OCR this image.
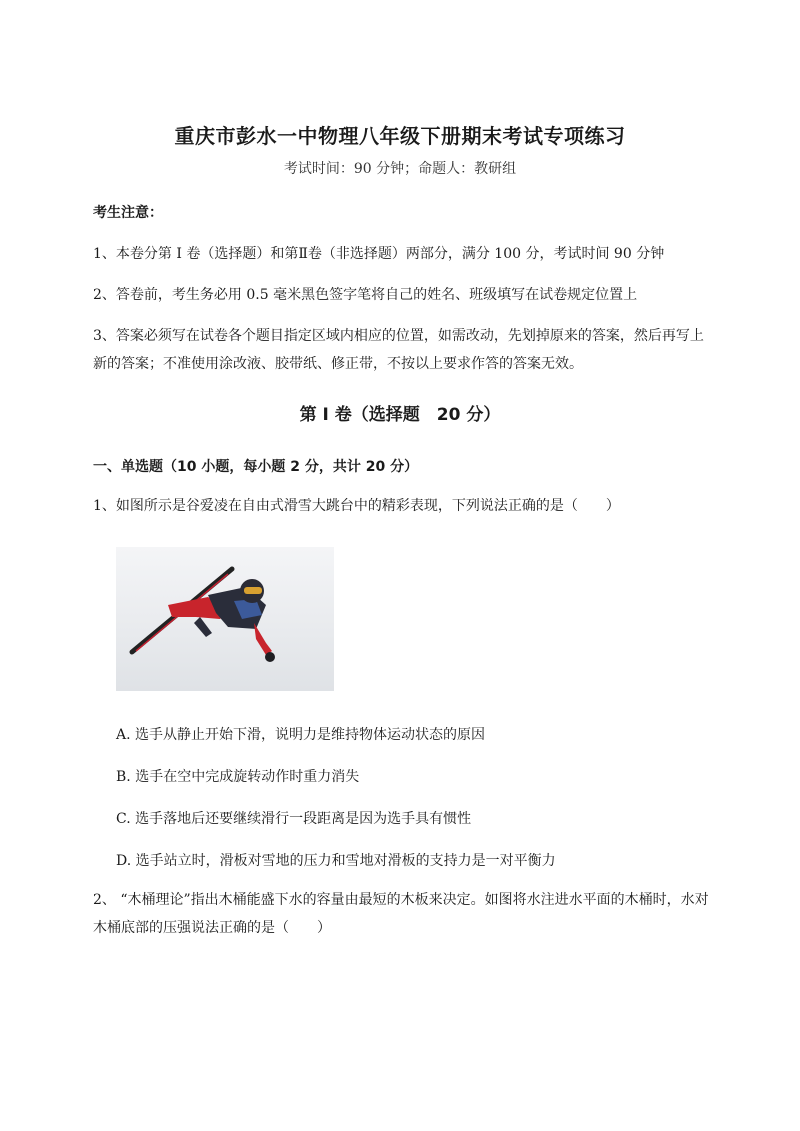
重庆市彭水一中物理八年级下册期末考试专项练习
考试时间：90 分钟；命题人：教研组
考生注意：
1、本卷分第 I 卷（选择题）和第Ⅱ卷（非选择题）两部分，满分 100 分，考试时间 90 分钟
2、答卷前，考生务必用 0.5 毫米黑色签字笔将自己的姓名、班级填写在试卷规定位置上
3、答案必须写在试卷各个题目指定区域内相应的位置，如需改动，先划掉原来的答案，然后再写上新的答案；不准使用涂改液、胶带纸、修正带，不按以上要求作答的答案无效。
第 I 卷（选择题　20 分）
一、单选题（10 小题，每小题 2 分，共计 20 分）
1、如图所示是谷爱凌在自由式滑雪大跳台中的精彩表现，下列说法正确的是（　　）
A. 选手从静止开始下滑，说明力是维持物体运动状态的原因
B. 选手在空中完成旋转动作时重力消失
C. 选手落地后还要继续滑行一段距离是因为选手具有惯性
D. 选手站立时，滑板对雪地的压力和雪地对滑板的支持力是一对平衡力
2、 “木桶理论”指出木桶能盛下水的容量由最短的木板来决定。如图将水注进水平面的木桶时，水对木桶底部的压强说法正确的是（　　）
